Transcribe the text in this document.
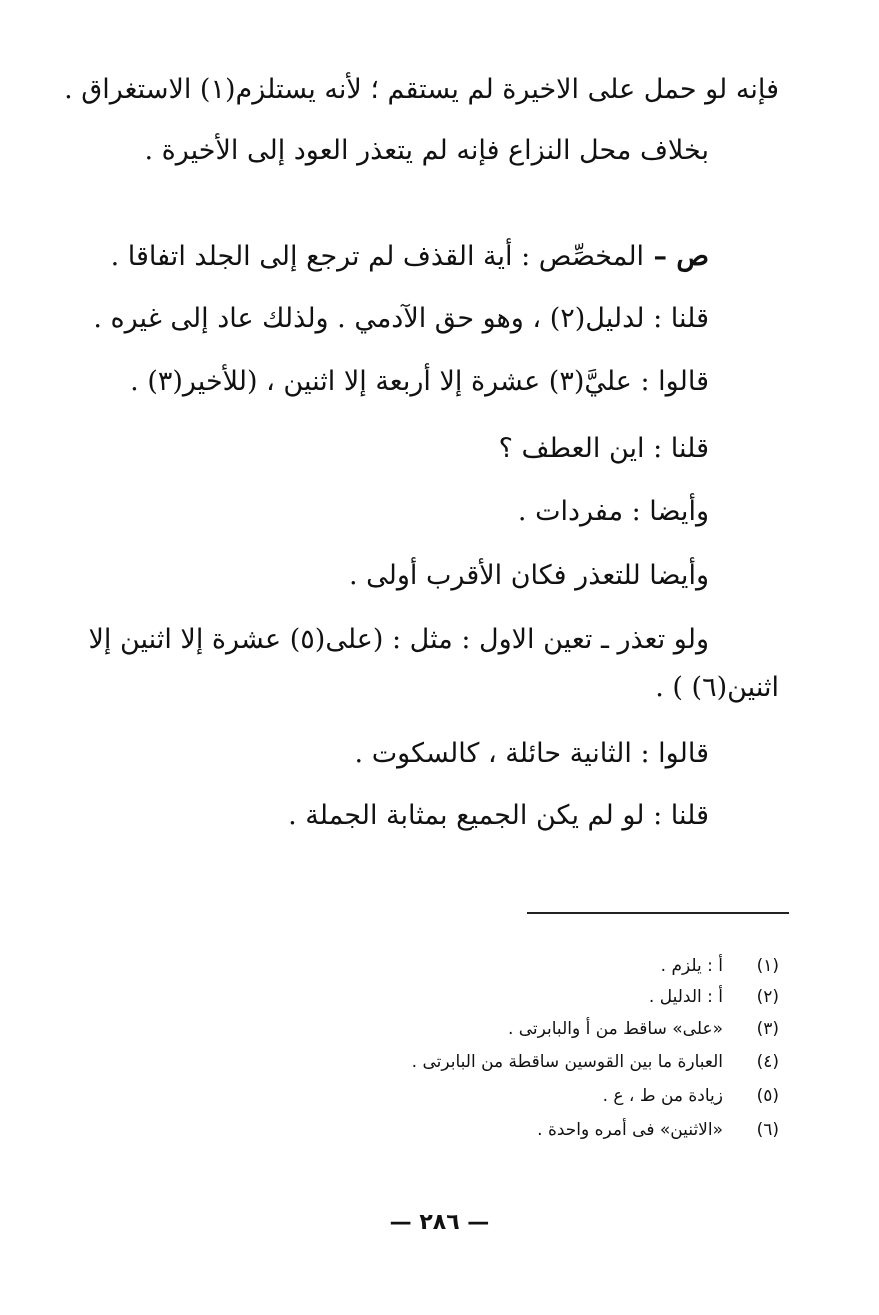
فإنه لو حمل على الاخيرة لم يستقم ؛ لأنه يستلزم(١) الاستغراق .
بخلاف محل النزاع فإنه لم يتعذر العود إلى الأخيرة .
ص – المخصِّص : أية القذف لم ترجع إلى الجلد اتفاقا .
قلنا : لدليل(٢) ، وهو حق الآدمي . ولذلك عاد إلى غيره .
قالوا : عليَّ(٣) عشرة إلا أربعة إلا اثنين ، (للأخير(٣) .
قلنا : اين العطف ؟
وأيضا : مفردات .
وأيضا للتعذر فكان الأقرب أولى .
ولو تعذر ـ تعين الاول : مثل : (على(٥) عشرة إلا اثنين إلا
اثنين(٦) ) .
قالوا : الثانية حائلة ، كالسكوت .
قلنا : لو لم يكن الجميع بمثابة الجملة .
(١)أ : يلزم .
(٢)أ : الدليل .
(٣)«على» ساقط من أ والبابرتى .
(٤)العبارة ما بين القوسين ساقطة من البابرتى .
(٥)زيادة من ط ، ع .
(٦)«الاثنين» فى أمره واحدة .
— ٢٨٦ —
